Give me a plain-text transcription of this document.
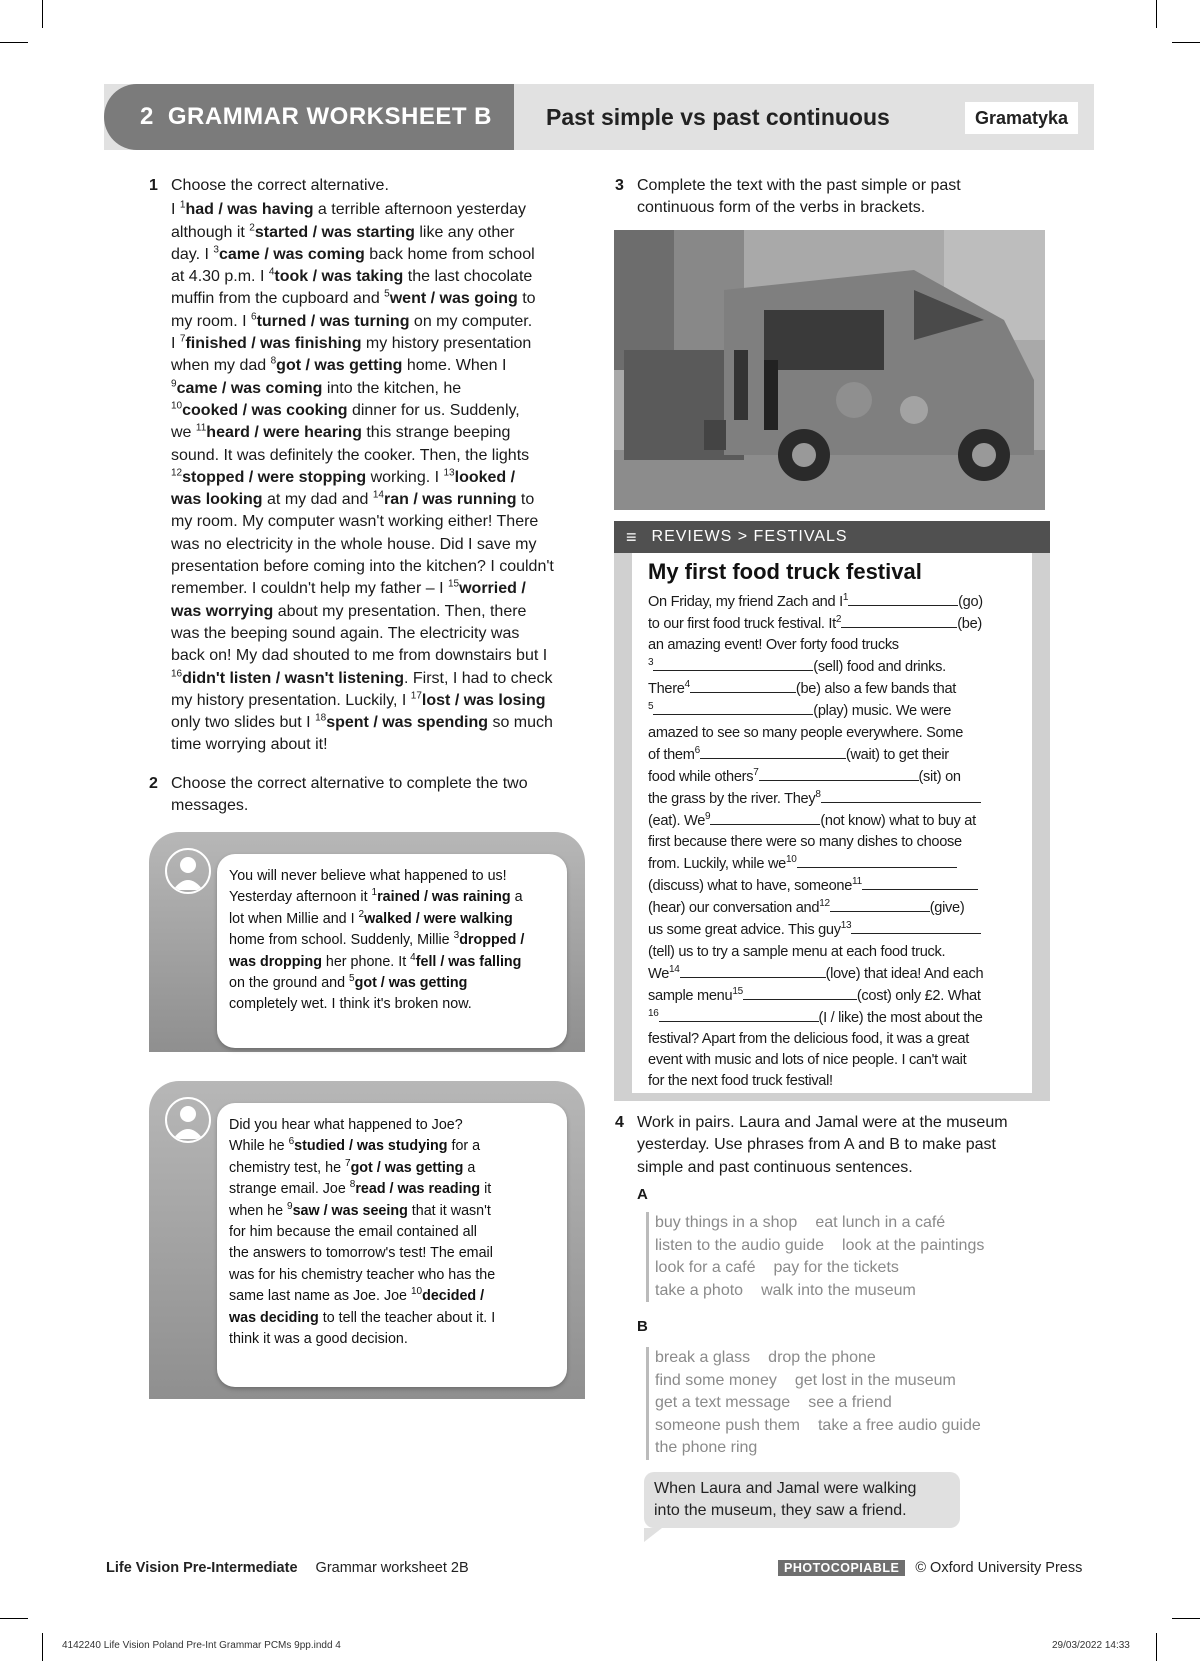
2 GRAMMAR WORKSHEET B Past simple vs past continuous	Gramatyka
1 Choose the correct alternative.
I $^1$had / was having a terrible afternoon yesterday
although it $^2$started / was starting like any other
day. I $^3$came / was coming back home from school
at 4.30 p.m. I $^4$took / was taking the last chocolate
muffin from the cupboard and $^5$went / was going to
my room. I $^6$turned / was turning on my computer.
I $^7$finished / was finishing my history presentation
when my dad $^8$got / was getting home. When I
$^9$came / was coming into the kitchen, he
$^{10}$cooked / was cooking dinner for us. Suddenly,
we $^{11}$heard / were hearing this strange beeping
sound. It was definitely the cooker. Then, the lights
$^{12}$stopped / were stopping working. I $^{13}$looked /
was looking at my dad and $^{14}$ran / was running to
my room. My computer wasn't working either! There
was no electricity in the whole house. Did I save my
presentation before coming into the kitchen? I couldn't
remember. I couldn't help my father – I $^{15}$worried /
was worrying about my presentation. Then, there
was the beeping sound again. The electricity was
back on! My dad shouted to me from downstairs but I
$^{16}$didn't listen / wasn't listening. First, I had to check
my history presentation. Luckily, I $^{17}$lost / was losing
only two slides but I $^{18}$spent / was spending so much
time worrying about it!
2 Choose the correct alternative to complete the two
messages.
You will never believe what happened to us!
Yesterday afternoon it $^1$rained / was raining a
lot when Millie and I $^2$walked / were walking
home from school. Suddenly, Millie $^3$dropped /
was dropping her phone. It $^4$fell / was falling
on the ground and $^5$got / was getting
completely wet. I think it's broken now.
Did you hear what happened to Joe?
While he $^6$studied / was studying for a
chemistry test, he $^7$got / was getting a
strange email. Joe $^8$read / was reading it
when he $^9$saw / was seeing that it wasn't
for him because the email contained all
the answers to tomorrow's test! The email
was for his chemistry teacher who has the
same last name as Joe. Joe $^{10}$decided /
was deciding to tell the teacher about it. I
think it was a good decision.
3 Complete the text with the past simple or past
continuous form of the verbs in brackets.
≡ REVIEWS > FESTIVALS
My first food truck festival
On Friday, my friend Zach and $I^1$	(go)
to our first food truck festival. It$^2$	(be)
an amazing event! Over forty food trucks
$^3$	(sell) food and drinks.
There$^4$	(be) also a few bands that
$^5$	(play) music. We were
amazed to see so many people everywhere. Some
of them$^6$	(wait) to get their
food while others$^7$	(sit) on
the grass by the river. They$^8$
(eat). We$^9$	(not know) what to buy at
first because there were so many dishes to choose
from. Luckily, while $we^{10}$
(discuss) what to have, someone$^{11}$
(hear) our conversation and$^{12}$	(give)
us some great advice. This guy$^{13}$
(tell) us to try a sample menu at each food truck.
We$^{14}$	(love) that idea! And each
sample menu$^{15}$	(cost) only £2. What
$^{16}$	(I / like) the most about the
festival? Apart from the delicious food, it was a great
event with music and lots of nice people. I can't wait
for the next food truck festival!
4 Work in pairs. Laura and Jamal were at the museum
yesterday. Use phrases from A and B to make past
simple and past continuous sentences.
A
buy things in a shop eat lunch in a café
listen to the audio guide look at the paintings
look for a café pay for the tickets
take a photo walk into the museum
B
break a glass drop the phone
find some money get lost in the museum
get a text message see a friend
someone push them take a free audio guide
the phone ring
When Laura and Jamal were walking
into the museum, they saw a friend.
Life Vision Pre-Intermediate Grammar worksheet 2B	PHOTOCOPIABLE © Oxford University Press
4142240 Life Vision Poland Pre-Int Grammar PCMs 9pp.indd 4	29/03/2022 14:33
